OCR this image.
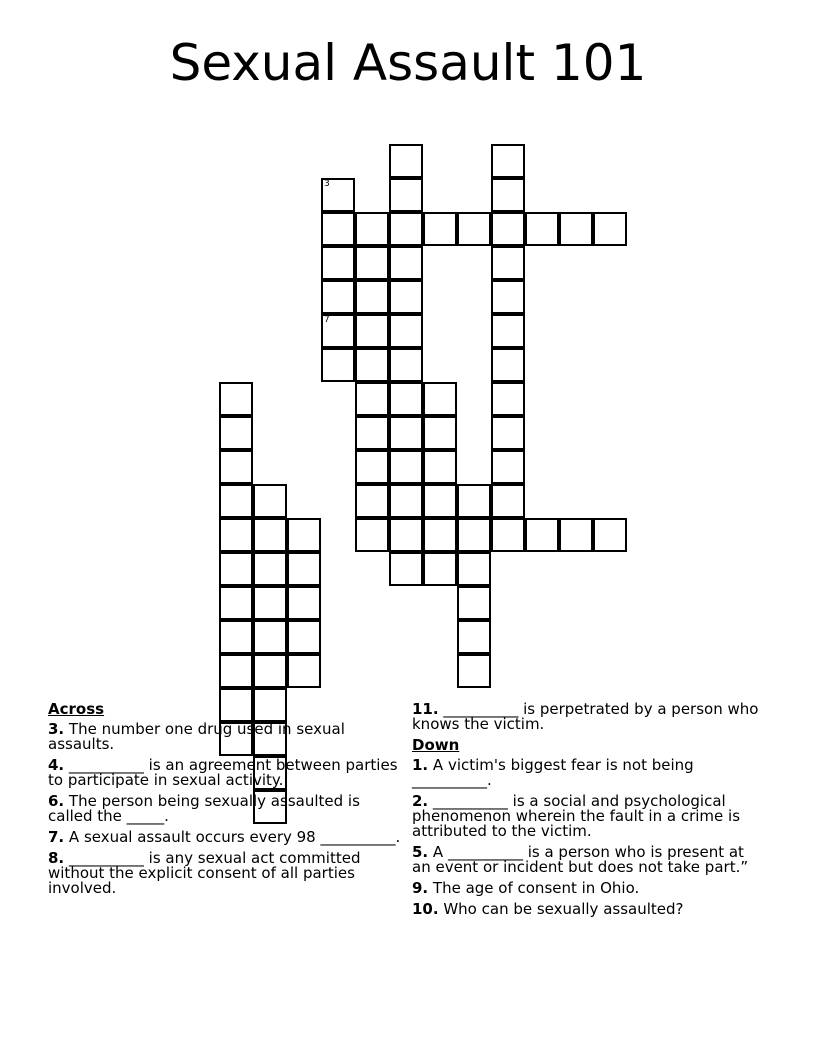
Sexual Assault 101
3
7
Across
3. The number one drug used in sexual assaults.
4. __________ is an agreement between parties to participate in sexual activity.
6. The person being sexually assaulted is called the _____.
7. A sexual assault occurs every 98 __________.
8. __________ is any sexual act committed without the explicit consent of all parties involved.
11. __________ is perpetrated by a person who knows the victim.
Down
1. A victim's biggest fear is not being __________.
2. __________ is a social and psychological phenomenon wherein the fault in a crime is attributed to the victim.
5. A __________ is a person who is present at an event or incident but does not take part.”
9. The age of consent in Ohio.
10. Who can be sexually assaulted?
